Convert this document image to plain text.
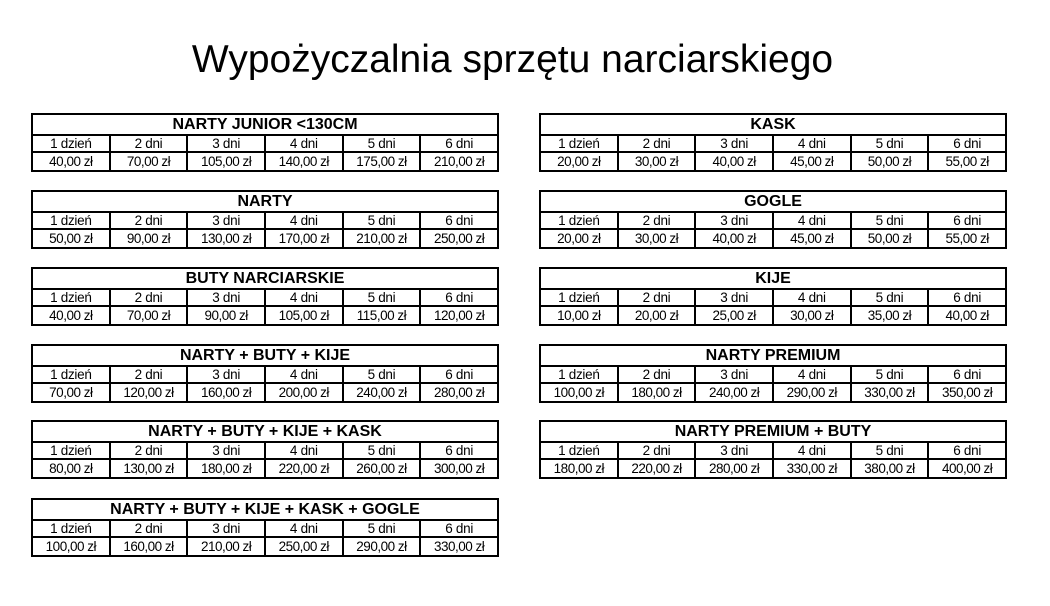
Wypożyczalnia sprzętu narciarskiego
NARTY JUNIOR <130CM					
1 dzień	2 dni	3 dni	4 dni	5 dni	6 dni
40,00 zł	70,00 zł	105,00 zł	140,00 zł	175,00 zł	210,00 zł
NARTY					
1 dzień	2 dni	3 dni	4 dni	5 dni	6 dni
50,00 zł	90,00 zł	130,00 zł	170,00 zł	210,00 zł	250,00 zł
BUTY NARCIARSKIE					
1 dzień	2 dni	3 dni	4 dni	5 dni	6 dni
40,00 zł	70,00 zł	90,00 zł	105,00 zł	115,00 zł	120,00 zł
NARTY + BUTY + KIJE					
1 dzień	2 dni	3 dni	4 dni	5 dni	6 dni
70,00 zł	120,00 zł	160,00 zł	200,00 zł	240,00 zł	280,00 zł
NARTY + BUTY + KIJE + KASK					
1 dzień	2 dni	3 dni	4 dni	5 dni	6 dni
80,00 zł	130,00 zł	180,00 zł	220,00 zł	260,00 zł	300,00 zł
NARTY + BUTY + KIJE + KASK + GOGLE					
1 dzień	2 dni	3 dni	4 dni	5 dni	6 dni
100,00 zł	160,00 zł	210,00 zł	250,00 zł	290,00 zł	330,00 zł
KASK					
1 dzień	2 dni	3 dni	4 dni	5 dni	6 dni
20,00 zł	30,00 zł	40,00 zł	45,00 zł	50,00 zł	55,00 zł
GOGLE					
1 dzień	2 dni	3 dni	4 dni	5 dni	6 dni
20,00 zł	30,00 zł	40,00 zł	45,00 zł	50,00 zł	55,00 zł
KIJE					
1 dzień	2 dni	3 dni	4 dni	5 dni	6 dni
10,00 zł	20,00 zł	25,00 zł	30,00 zł	35,00 zł	40,00 zł
NARTY PREMIUM					
1 dzień	2 dni	3 dni	4 dni	5 dni	6 dni
100,00 zł	180,00 zł	240,00 zł	290,00 zł	330,00 zł	350,00 zł
NARTY PREMIUM + BUTY					
1 dzień	2 dni	3 dni	4 dni	5 dni	6 dni
180,00 zł	220,00 zł	280,00 zł	330,00 zł	380,00 zł	400,00 zł
